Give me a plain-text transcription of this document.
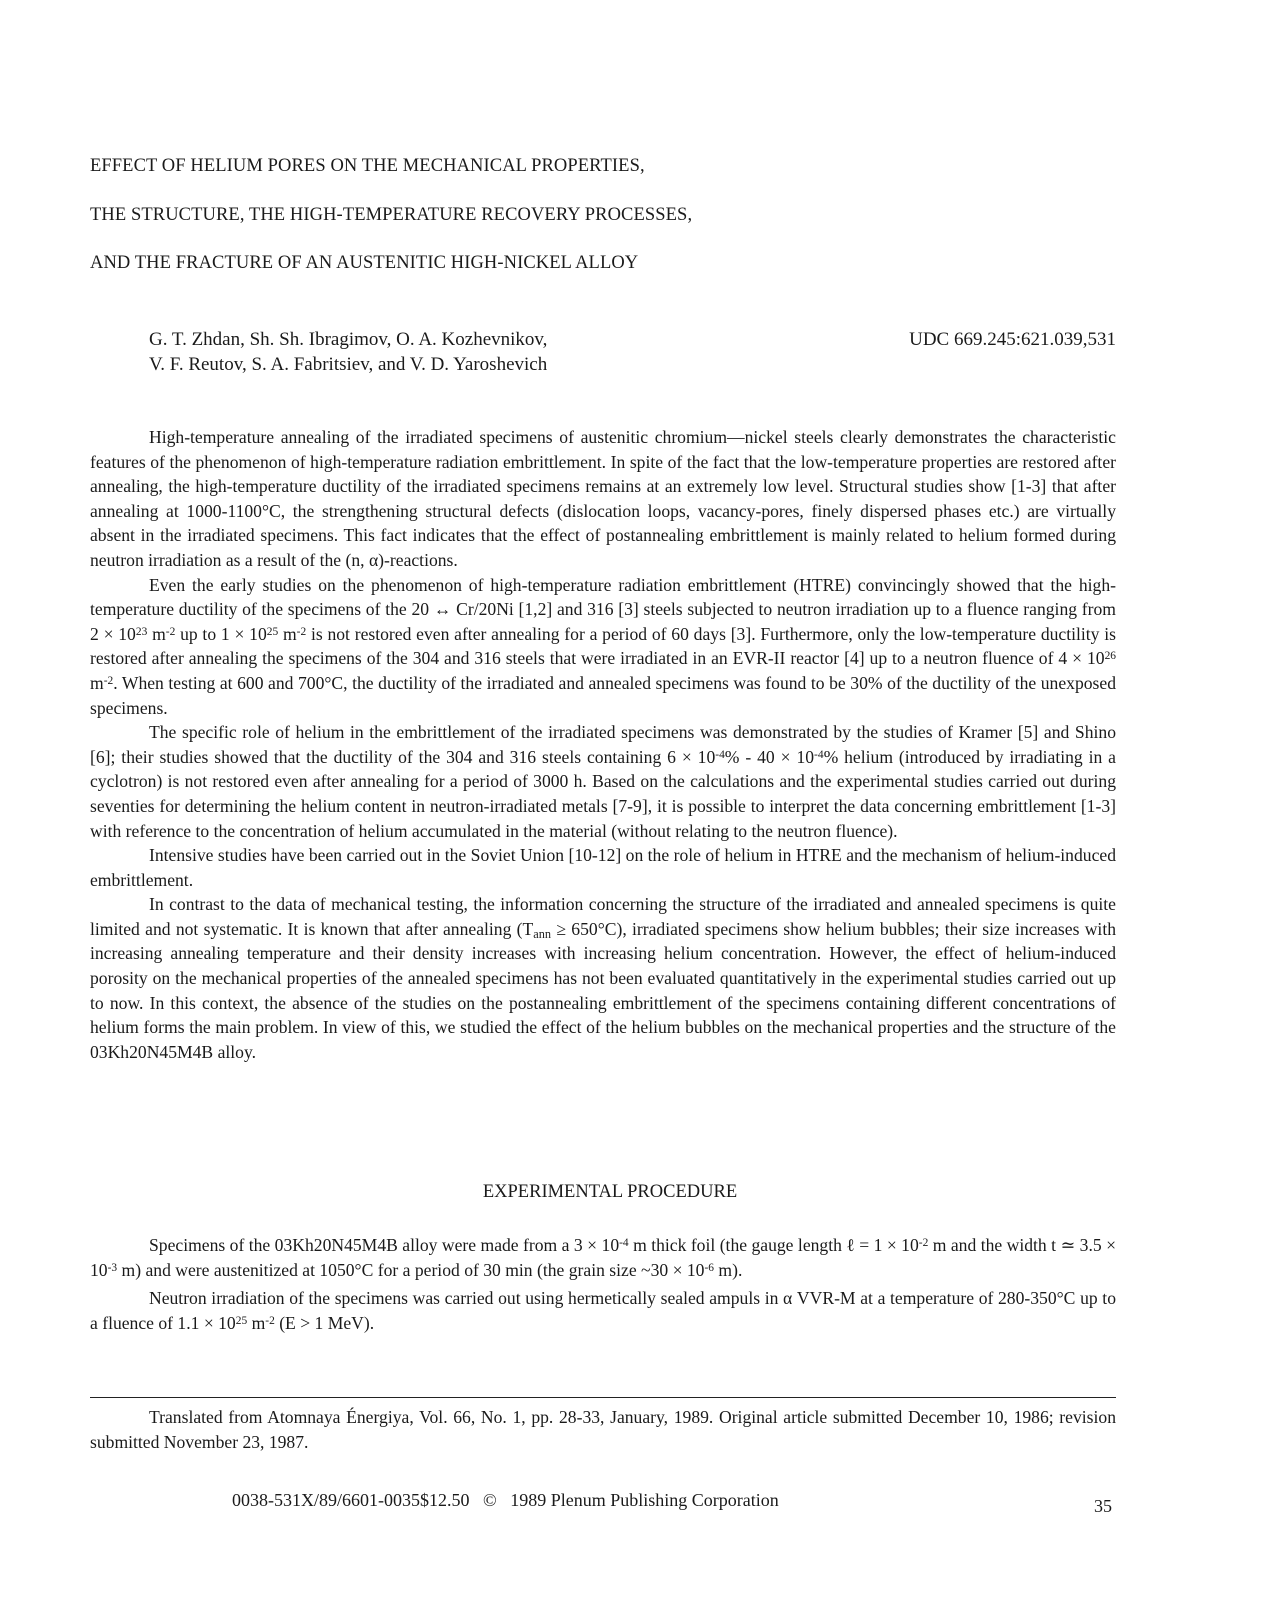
EFFECT OF HELIUM PORES ON THE MECHANICAL PROPERTIES,
THE STRUCTURE, THE HIGH-TEMPERATURE RECOVERY PROCESSES,
AND THE FRACTURE OF AN AUSTENITIC HIGH-NICKEL ALLOY
G. T. Zhdan, Sh. Sh. Ibragimov, O. A. Kozhevnikov,
V. F. Reutov, S. A. Fabritsiev, and V. D. Yaroshevich
UDC 669.245:621.039,531

High-temperature annealing of the irradiated specimens of austenitic chromium—nickel steels clearly demonstrates the characteristic features of the phenomenon of high-temperature radiation embrittlement. In spite of the fact that the low-temperature properties are restored after annealing, the high-temperature ductility of the irradiated specimens remains at an extremely low level. Structural studies show [1-3] that after annealing at 1000-1100°C, the strengthening structural defects (dislocation loops, vacancy-pores, finely dispersed phases etc.) are virtually absent in the irradiated specimens. This fact indicates that the effect of postannealing embrittlement is mainly related to helium formed during neutron irradiation as a result of the (n, α)-reactions.

Even the early studies on the phenomenon of high-temperature radiation embrittlement (HTRE) convincingly showed that the high-temperature ductility of the specimens of the 20 ↔ Cr/20Ni [1,2] and 316 [3] steels subjected to neutron irradiation up to a fluence ranging from $2 \times 10^{23}$ $m^{-2}$ up to $1 \times 10^{25}$ $m^{-2}$ is not restored even after annealing for a period of 60 days [3]. Furthermore, only the low-temperature ductility is restored after annealing the specimens of the 304 and 316 steels that were irradiated in an EVR-II reactor [4] up to a neutron fluence of $4 \times 10^{26}$ $m^{-2}$. When testing at 600 and 700°C, the ductility of the irradiated and annealed specimens was found to be 30% of the ductility of the unexposed specimens.

The specific role of helium in the embrittlement of the irradiated specimens was demonstrated by the studies of Kramer [5] and Shino [6]; their studies showed that the ductility of the 304 and 316 steels containing $6 \times 10^{-4}\% - 40 \times 10^{-4}\%$ helium (introduced by irradiating in a cyclotron) is not restored even after annealing for a period of 3000 h. Based on the calculations and the experimental studies carried out during seventies for determining the helium content in neutron-irradiated metals [7-9], it is possible to interpret the data concerning embrittlement [1-3] with reference to the concentration of helium accumulated in the material (without relating to the neutron fluence).

Intensive studies have been carried out in the Soviet Union [10-12] on the role of helium in HTRE and the mechanism of helium-induced embrittlement.

In contrast to the data of mechanical testing, the information concerning the structure of the irradiated and annealed specimens is quite limited and not systematic. It is known that after annealing $(T_{ann} \ge 650^\circ C)$, irradiated specimens show helium bubbles; their size increases with increasing annealing temperature and their density increases with increasing helium concentration. However, the effect of helium-induced porosity on the mechanical properties of the annealed specimens has not been evaluated quantitatively in the experimental studies carried out up to now. In this context, the absence of the studies on the postannealing embrittlement of the specimens containing different concentrations of helium forms the main problem. In view of this, we studied the effect of the helium bubbles on the mechanical properties and the structure of the 03Kh20N45M4B alloy.

EXPERIMENTAL PROCEDURE

Specimens of the 03Kh20N45M4B alloy were made from a $3 \times 10^{-4}$ m thick foil (the gauge length ℓ = $1 \times 10^{-2}$ m and the width t ≃ $3.5 \times 10^{-3}$ m) and were austenitized at 1050°C for a period of 30 min (the grain size ~30 × $10^{-6}$ m).

Neutron irradiation of the specimens was carried out using hermetically sealed ampuls in α VVR-M at a temperature of 280-350°C up to a fluence of $1.1 \times 10^{25}$ $m^{-2}$ (E > 1 MeV).

Translated from Atomnaya Énergiya, Vol. 66, No. 1, pp. 28-33, January, 1989. Original article submitted December 10, 1986; revision submitted November 23, 1987.

0038-531X/89/6601-0035$12.50 © 1989 Plenum Publishing Corporation	35
